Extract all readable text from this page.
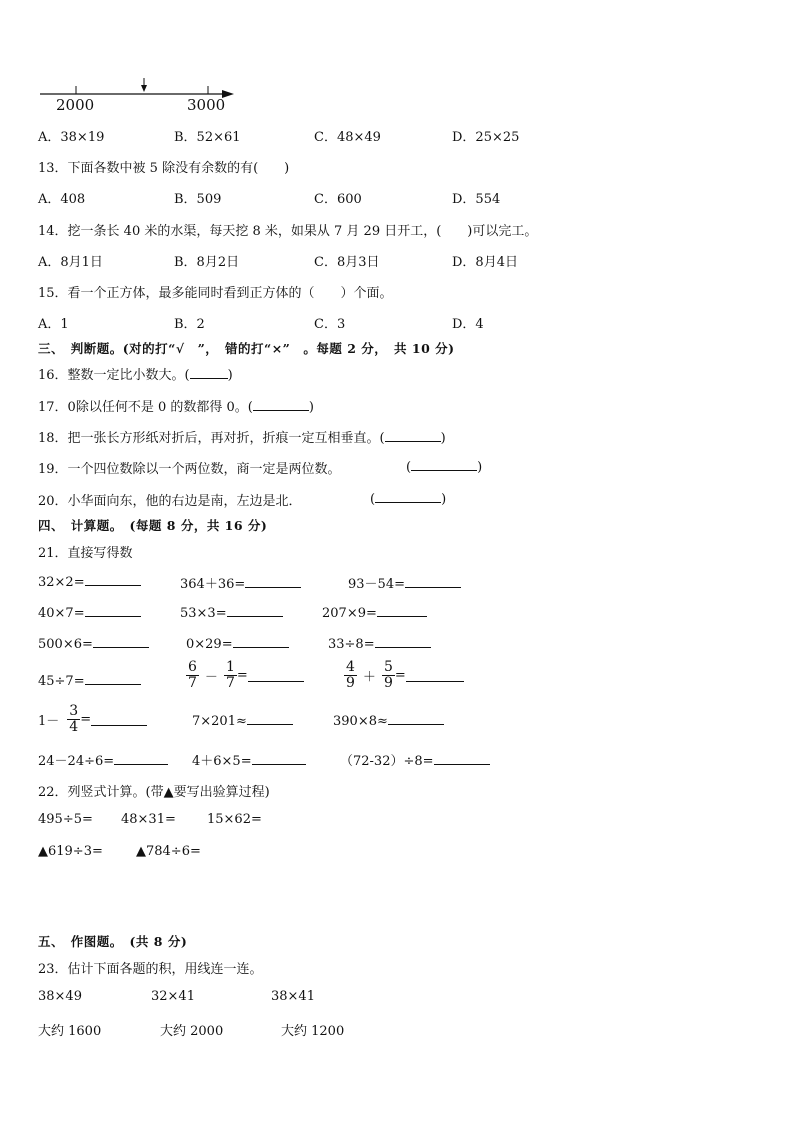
2000	3000
A．38×19	B．52×61	C．48×49	D．25×25
13．下面各数中被 5 除没有余数的有(　　)
A．408	B．509	C．600	D．554
14．挖一条长 40 米的水渠，每天挖 8 米，如果从 7 月 29 日开工，(　　)可以完工。
A．8月1日	B．8月2日	C．8月3日	D．8月4日
15．看一个正方体，最多能同时看到正方体的（　　）个面。
A．1	B．2	C．3	D．4
三、　判断题。(对的打“√　”，　错的打“×”　。每题 2 分，　共 10 分)
16．整数一定比小数大。(	)
17．0除以任何不是 0 的数都得 0。(	)
18．把一张长方形纸对折后，再对折，折痕一定互相垂直。(	)
19．一个四位数除以一个两位数，商一定是两位数。	(	)
20．小华面向东，他的右边是南，左边是北．	(	)
四、　计算题。　(每题 8 分，共 16 分)
21．直接写得数
32×2=	364＋36=	93－54=
40×7=	53×3=	207×9=
500×6=	0×29=	33÷8=
45÷7=	$\frac{6}{7} - \frac{1}{7}$ =	$\frac{4}{9} + \frac{5}{9}$ =
$1- \frac{3}{4}$ =	7×201≈	390×8≈
24－24÷6=	4＋6×5=	（72-32）÷8=
22．列竖式计算。(带▲要写出验算过程)
495÷5= 48×31= 15×62=
▲619÷3=	▲784÷6=
五、　作图题。　(共 8 分)
23．估计下面各题的积，用线连一连。
38×49	32×41	38×41
大约 1600	大约 2000	大约 1200
